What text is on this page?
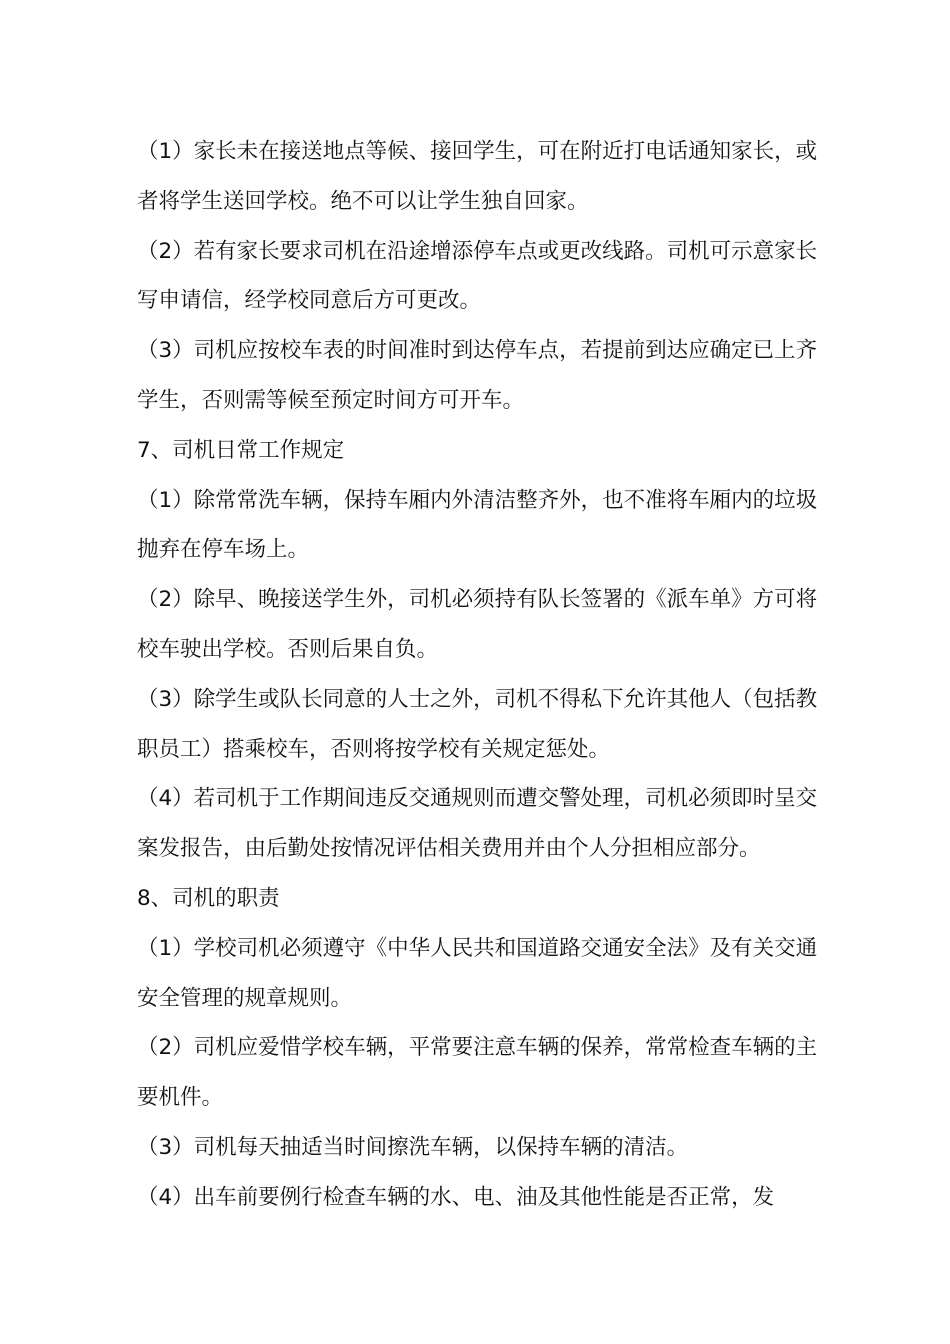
（1）家长未在接送地点等候、接回学生，可在附近打电话通知家长，或者将学生送回学校。绝不可以让学生独自回家。

（2）若有家长要求司机在沿途增添停车点或更改线路。司机可示意家长写申请信，经学校同意后方可更改。

（3）司机应按校车表的时间准时到达停车点，若提前到达应确定已上齐学生，否则需等候至预定时间方可开车。

7、司机日常工作规定

（1）除常常洗车辆，保持车厢内外清洁整齐外，也不准将车厢内的垃圾抛弃在停车场上。

（2）除早、晚接送学生外，司机必须持有队长签署的《派车单》方可将校车驶出学校。否则后果自负。

（3）除学生或队长同意的人士之外，司机不得私下允许其他人（包括教职员工）搭乘校车，否则将按学校有关规定惩处。

（4）若司机于工作期间违反交通规则而遭交警处理，司机必须即时呈交案发报告，由后勤处按情况评估相关费用并由个人分担相应部分。

8、司机的职责

（1）学校司机必须遵守《中华人民共和国道路交通安全法》及有关交通安全管理的规章规则。

（2）司机应爱惜学校车辆，平常要注意车辆的保养，常常检查车辆的主要机件。

（3）司机每天抽适当时间擦洗车辆，以保持车辆的清洁。

（4）出车前要例行检查车辆的水、电、油及其他性能是否正常，发
